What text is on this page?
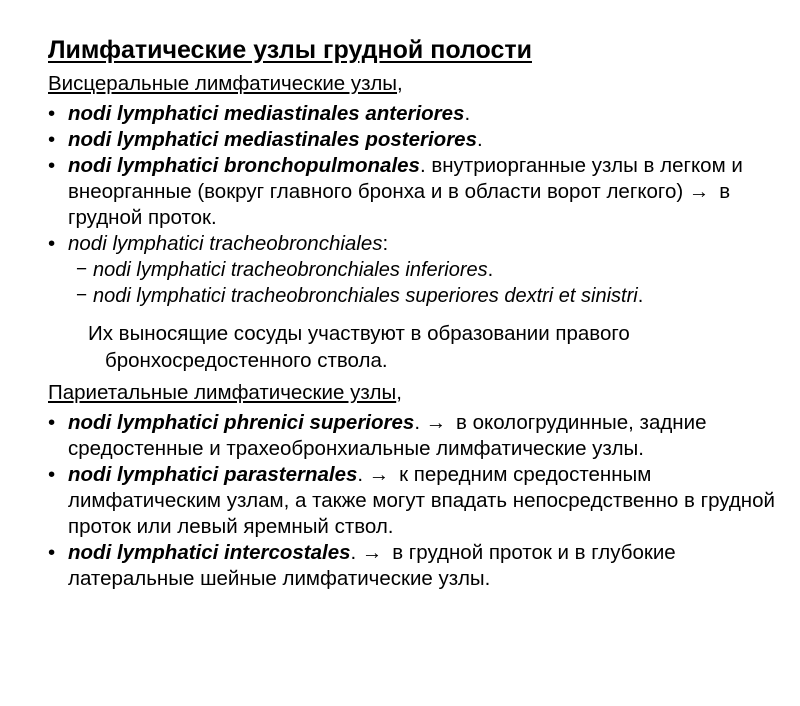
Лимфатические узлы грудной полости

Висцеральные лимфатические узлы,

• nodi lymphatici mediastinales anteriores.
• nodi lymphatici mediastinales posteriores.
• nodi lymphatici bronchopulmonales. внутриорганные узлы в легком и внеорганные (вокруг главного бронха и в области ворот легкого) →  в грудной проток.
• nodi lymphatici tracheobronchiales:
− nodi lymphatici tracheobronchiales inferiores.
− nodi lymphatici tracheobronchiales superiores dextri et sinistri.

Их выносящие сосуды участвуют в образовании правого бронхосредостенного ствола.

Париетальные лимфатические узлы,

• nodi lymphatici phrenici superiores. →  в окологрудинные, задние средостенные и трахеобронхиальные лимфатические узлы.
• nodi lymphatici parasternales. →  к передним средостенным лимфатическим узлам, а также могут впадать непосредственно в грудной проток или левый яремный ствол.
• nodi lymphatici intercostales. →  в грудной проток и в глубокие латеральные шейные лимфатические узлы.
